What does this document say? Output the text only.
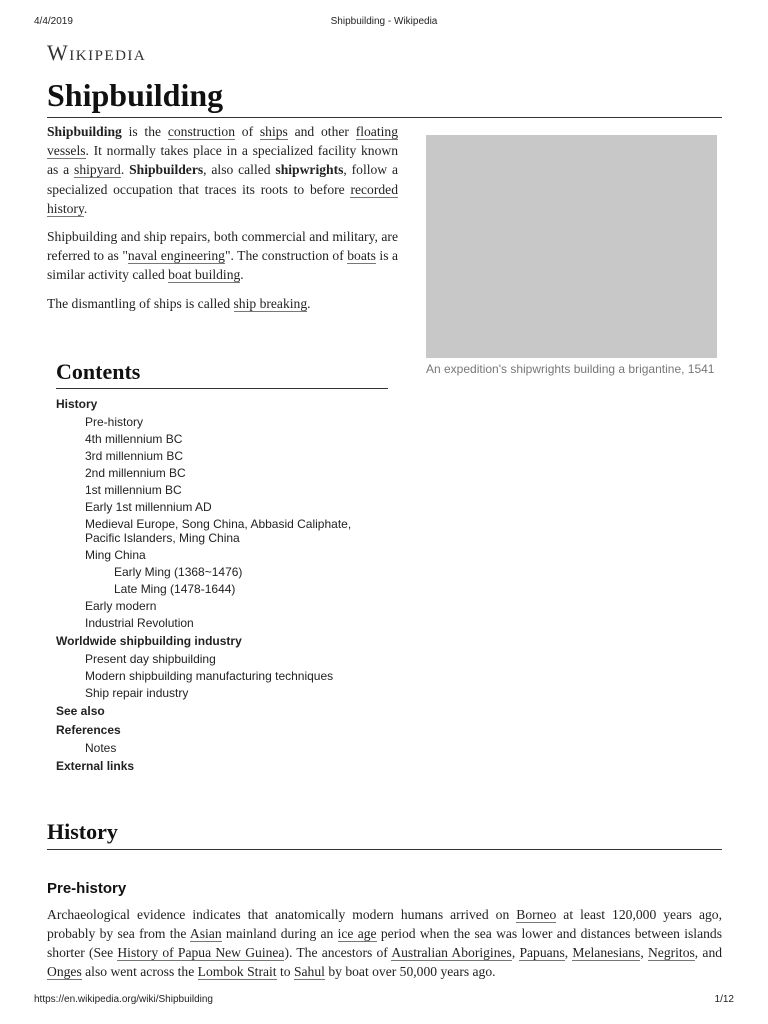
4/4/2019	Shipbuilding - Wikipedia
Wikipedia
Shipbuilding

Shipbuilding is the construction of ships and other floating vessels. It normally takes place in a specialized facility known as a shipyard. Shipbuilders, also called shipwrights, follow a specialized occupation that traces its roots to before recorded history.

Shipbuilding and ship repairs, both commercial and military, are referred to as "naval engineering". The construction of boats is a similar activity called boat building.

The dismantling of ships is called ship breaking.

An expedition's shipwrights building a brigantine, 1541
Contents
History
Pre-history
4th millennium BC
3rd millennium BC
2nd millennium BC
1st millennium BC
Early 1st millennium AD
Medieval Europe, Song China, Abbasid Caliphate, Pacific Islanders, Ming China
Ming China
Early Ming (1368~1476)
Late Ming (1478-1644)
Early modern
Industrial Revolution
Worldwide shipbuilding industry
Present day shipbuilding
Modern shipbuilding manufacturing techniques
Ship repair industry
See also
References
Notes
External links
History
Pre-history

Archaeological evidence indicates that anatomically modern humans arrived on Borneo at least 120,000 years ago, probably by sea from the Asian mainland during an ice age period when the sea was lower and distances between islands shorter (See History of Papua New Guinea). The ancestors of Australian Aborigines, Papuans, Melanesians, Negritos, and Onges also went across the Lombok Strait to Sahul by boat over 50,000 years ago.

https://en.wikipedia.org/wiki/Shipbuilding	1/12
